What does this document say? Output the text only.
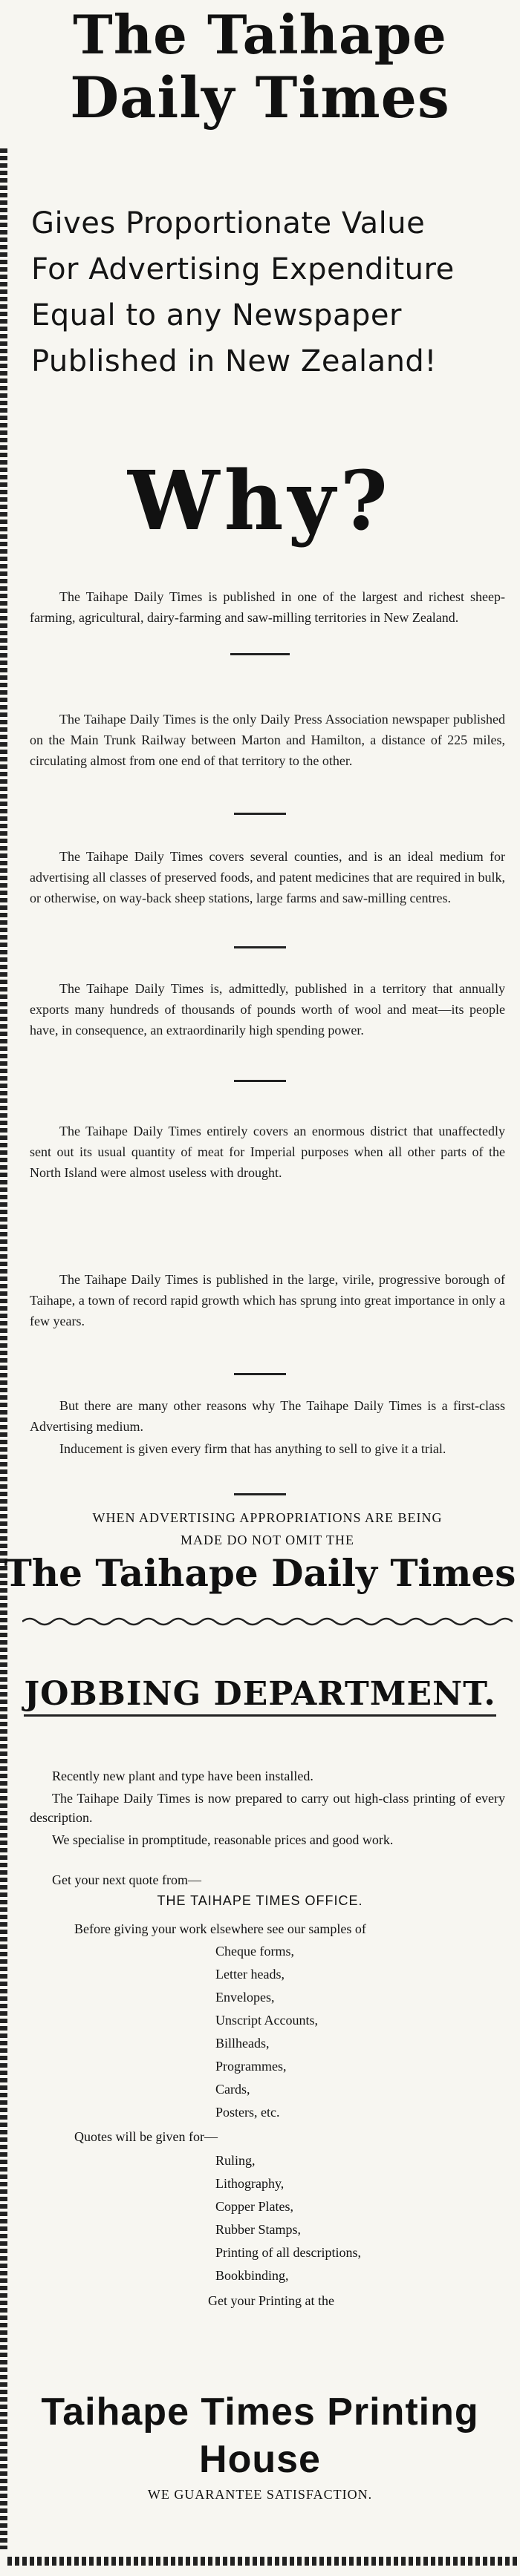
The Taihape
Daily Times
Gives Proportionate Value
For Advertising Expenditure
Equal to any Newspaper
Published in New Zealand!
Why?
The Taihape Daily Times is published in one of the largest and richest sheep-farming, agricultural, dairy-farming and saw-milling territories in New Zealand.
The Taihape Daily Times is the only Daily Press Association newspaper published on the Main Trunk Railway between Marton and Hamilton, a distance of 225 miles, circulating almost from one end of that territory to the other.
The Taihape Daily Times covers several counties, and is an ideal medium for advertising all classes of preserved foods, and patent medicines that are required in bulk, or otherwise, on way-back sheep stations, large farms and saw-milling centres.
The Taihape Daily Times is, admittedly, published in a territory that annually exports many hundreds of thousands of pounds worth of wool and meat—its people have, in consequence, an extraordinarily high spending power.
The Taihape Daily Times entirely covers an enormous district that unaffectedly sent out its usual quantity of meat for Imperial purposes when all other parts of the North Island were almost useless with drought.
The Taihape Daily Times is published in the large, virile, progressive borough of Taihape, a town of record rapid growth which has sprung into great importance in only a few years.
But there are many other reasons why The Taihape Daily Times is a first-class Advertising medium.
Inducement is given every firm that has anything to sell to give it a trial.
WHEN ADVERTISING APPROPRIATIONS ARE BEING
MADE DO NOT OMIT THE
The Taihape Daily Times
JOBBING DEPARTMENT.
Recently new plant and type have been installed.
The Taihape Daily Times is now prepared to carry out high-class printing of every description.
We specialise in promptitude, reasonable prices and good work.
Get your next quote from—
THE TAIHAPE TIMES OFFICE.
Before giving your work elsewhere see our samples of
Cheque forms,
Letter heads,
Envelopes,
Unscript Accounts,
Billheads,
Programmes,
Cards,
Posters, etc.
Quotes will be given for—
Ruling,
Lithography,
Copper Plates,
Rubber Stamps,
Printing of all descriptions,
Bookbinding,
Get your Printing at the
Taihape Times Printing House
WE GUARANTEE SATISFACTION.
